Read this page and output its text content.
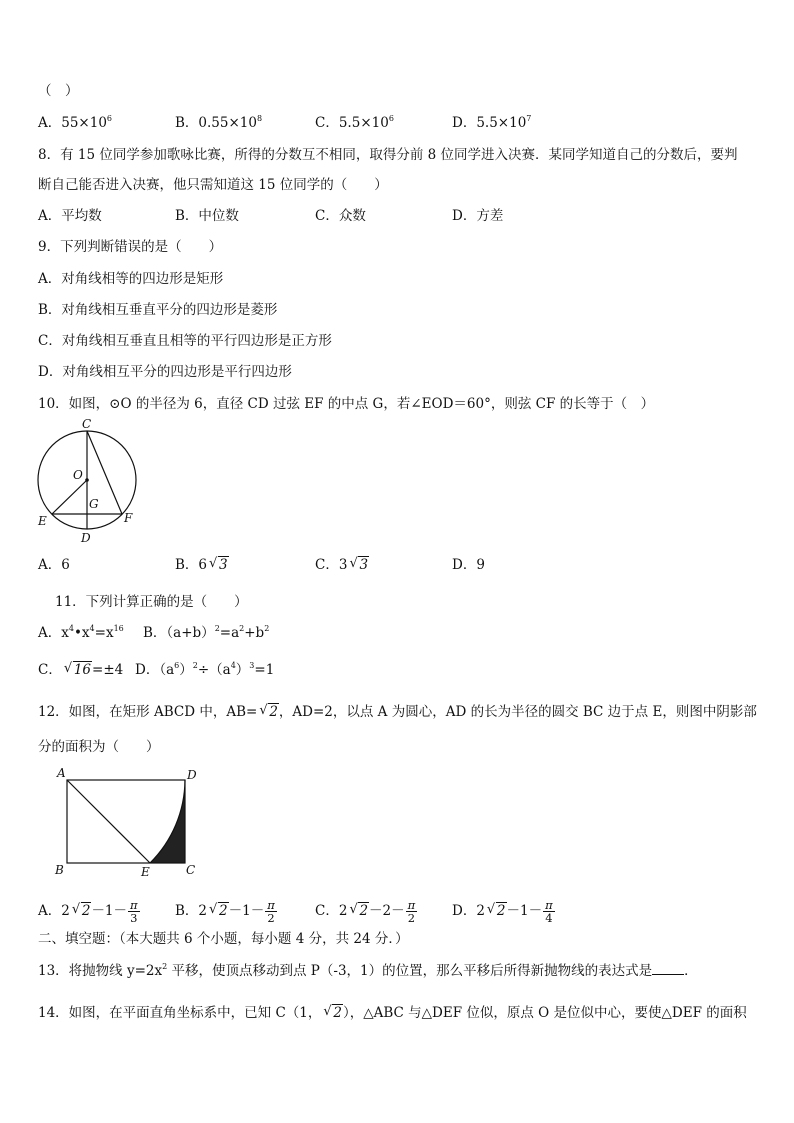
（　）
A．$55\times 10^6$	B．$0.55\times 10^8$	C．$5.5\times 10^6$	D．$5.5\times 10^7$
8．有 15 位同学参加歌咏比赛，所得的分数互不相同，取得分前 8 位同学进入决赛．某同学知道自己的分数后，要判
断自己能否进入决赛，他只需知道这 15 位同学的（　　）
A．平均数	B．中位数	C．众数	D．方差
9．下列判断错误的是（　　）
A．对角线相等的四边形是矩形
B．对角线相互垂直平分的四边形是菱形
C．对角线相互垂直且相等的平行四边形是正方形
D．对角线相互平分的四边形是平行四边形
10．如图，⊙O 的半径为 6，直径 CD 过弦 EF 的中点 G，若∠EOD＝60°，则弦 CF 的长等于（　）
C
O
G
E	F
D
A．6	B．6 √ 3	C．3 √ 3	D．9
11．下列计算正确的是（　　）
A．$x^4•x^4=x^{16}$ B．$(a+b)^2=a^2+b^2$
C． √ 16=±4 D．$(a^6)^2\div(a^4)^3=1$
12．如图，在矩形 ABCD 中，AB= √ 2，AD=2，以点 A 为圆心，AD 的长为半径的圆交 BC 边于点 E，则图中阴影部
分的面积为（　　）
A	D
B	C
E
A．2 √ $2-1- \frac{\pi}{3}$	B．2 √ $2-1- \frac{\pi}{2}$	C．2 √ $2-2- \frac{\pi}{2}$	D．2 √ $2-1- \frac{\pi}{4}$
二、填空题：（本大题共 6 个小题，每小题 4 分，共 24 分．）
13．将抛物线 $y=2x^2$ 平移，使顶点移动到点 P（-3，1）的位置，那么平移后所得新抛物线的表达式是 ．
14．如图，在平面直角坐标系中，已知 C（1， √ 2），△ABC 与△DEF 位似，原点 O 是位似中心，要使△DEF 的面积
